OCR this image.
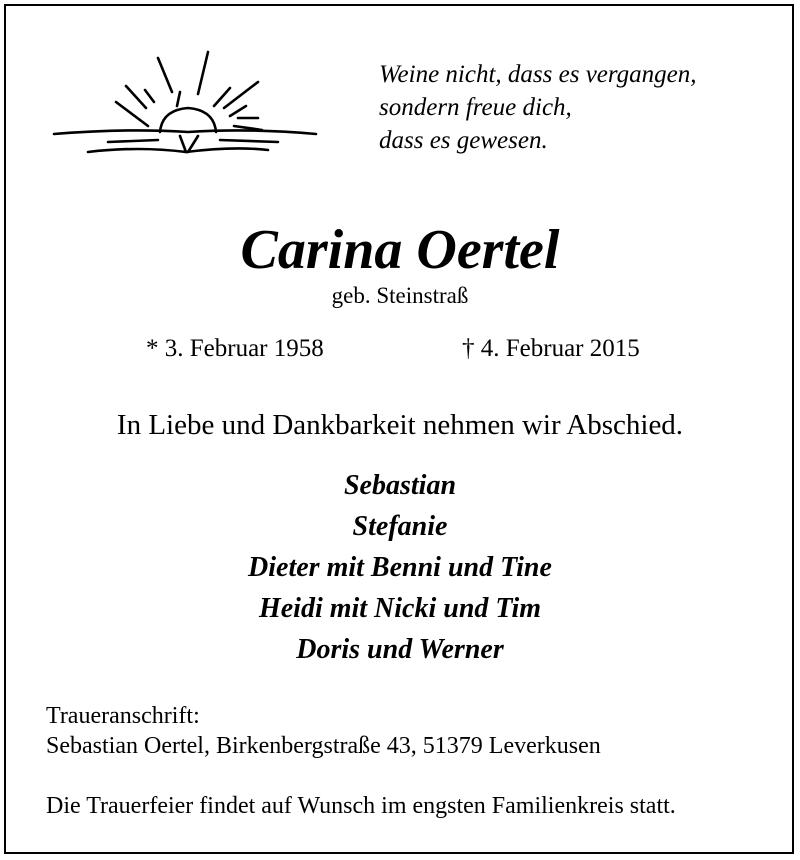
Weine nicht, dass es vergangen,
sondern freue dich,
dass es gewesen.
Carina Oertel
geb. Steinstraß
* 3. Februar 1958	† 4. Februar 2015
In Liebe und Dankbarkeit nehmen wir Abschied.
Sebastian
Stefanie
Dieter mit Benni und Tine
Heidi mit Nicki und Tim
Doris und Werner
Traueranschrift:
Sebastian Oertel, Birkenbergstraße 43, 51379 Leverkusen
Die Trauerfeier findet auf Wunsch im engsten Familienkreis statt.
